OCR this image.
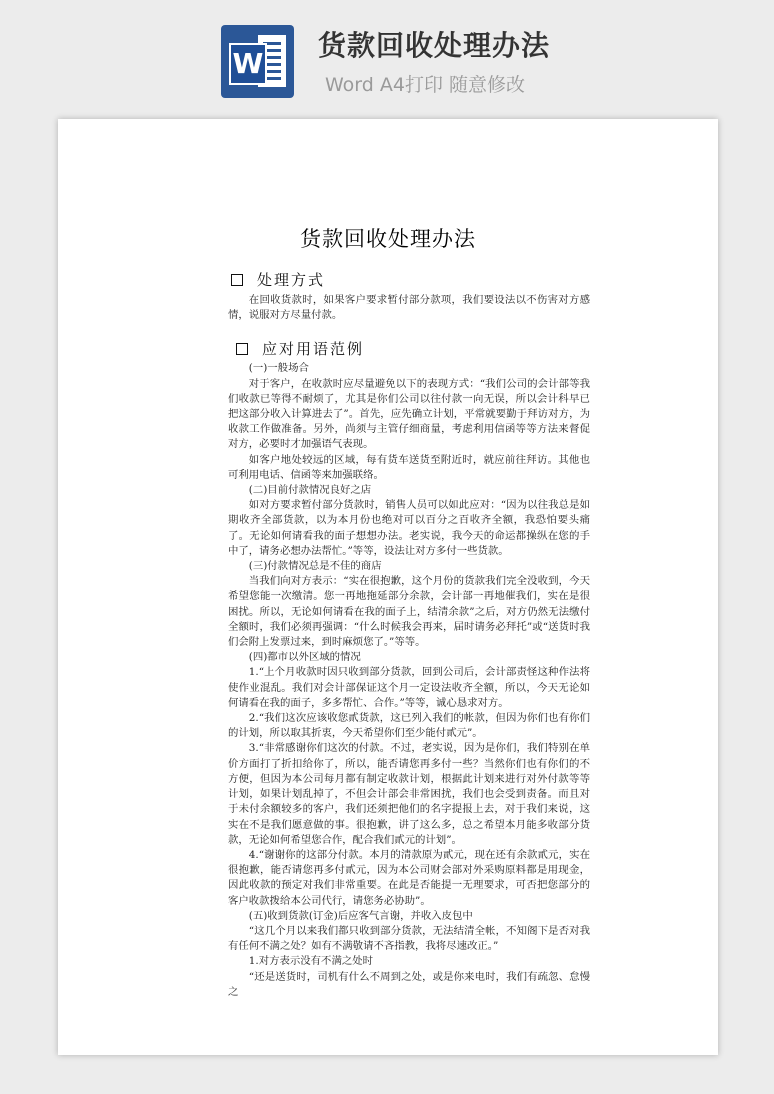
W
货款回收处理办法
Word A4打印 随意修改
货款回收处理办法
处理方式

在回收货款时，如果客户要求暂付部分款项，我们要设法以不伤害对方感情，说服对方尽量付款。

应对用语范例

(一)一般场合

对于客户，在收款时应尽量避免以下的表现方式：“我们公司的会计部等我们收款已等得不耐烦了，尤其是你们公司以往付款一向无误，所以会计科早已把这部分收入计算进去了”。首先，应先确立计划，平常就要勤于拜访对方，为收款工作做准备。另外，尚须与主管仔细商量，考虑利用信函等等方法来督促对方，必要时才加强语气表现。

如客户地处较远的区域，每有货车送货至附近时，就应前往拜访。其他也可利用电话、信函等来加强联络。

(二)目前付款情况良好之店

如对方要求暂付部分货款时，销售人员可以如此应对：“因为以往我总是如期收齐全部货款，以为本月份也绝对可以百分之百收齐全额，我恐怕要头痛了。无论如何请看我的面子想想办法。老实说，我今天的命运都操纵在您的手中了，请务必想办法帮忙。”等等，设法让对方多付一些货款。

(三)付款情况总是不佳的商店

当我们向对方表示：“实在很抱歉，这个月份的货款我们完全没收到，今天希望您能一次缴清。您一再地拖延部分余款，会计部一再地催我们，实在是很困扰。所以，无论如何请看在我的面子上，结清余款”之后，对方仍然无法缴付全额时，我们必须再强调：“什么时候我会再来，届时请务必拜托”或“送货时我们会附上发票过来，到时麻烦您了。”等等。

(四)都市以外区域的情况

1.“上个月收款时因只收到部分货款，回到公司后，会计部责怪这种作法将使作业混乱。我们对会计部保证这个月一定设法收齐全额，所以，今天无论如何请看在我的面子，多多帮忙、合作。”等等，诚心恳求对方。

2.“我们这次应该收您貳货款，这已列入我们的帐款，但因为你们也有你们的计划，所以取其折衷，今天希望你们至少能付貳元”。

3.“非常感谢你们这次的付款。不过，老实说，因为是你们，我们特别在单价方面打了折扣给你了，所以，能否请您再多付一些？当然你们也有你们的不方便，但因为本公司每月都有制定收款计划，根据此计划来进行对外付款等等计划，如果计划乱掉了，不但会计部会非常困扰，我们也会受到责备。而且对于未付余额较多的客户，我们还须把他们的名字提报上去，对于我们来说，这实在不是我们愿意做的事。很抱歉，讲了这么多，总之希望本月能多收部分货款，无论如何希望您合作，配合我们貳元的计划”。

4.“谢谢你的这部分付款。本月的清款原为貳元，现在还有余款貳元，实在很抱歉，能否请您再多付貳元，因为本公司财会部对外采购原料都是用现金，因此收款的预定对我们非常重要。在此是否能提一无理要求，可否把您部分的客户收款拨给本公司代行，请您务必协助”。

(五)收到货款(订金)后应客气言谢，并收入皮包中

“这几个月以来我们都只收到部分货款，无法结清全帐，不知阁下是否对我有任何不满之处？如有不满敬请不吝指教，我将尽速改正。”

1.对方表示没有不满之处时

“还是送货时，司机有什么不周到之处，或是你来电时，我们有疏忽、怠慢之
